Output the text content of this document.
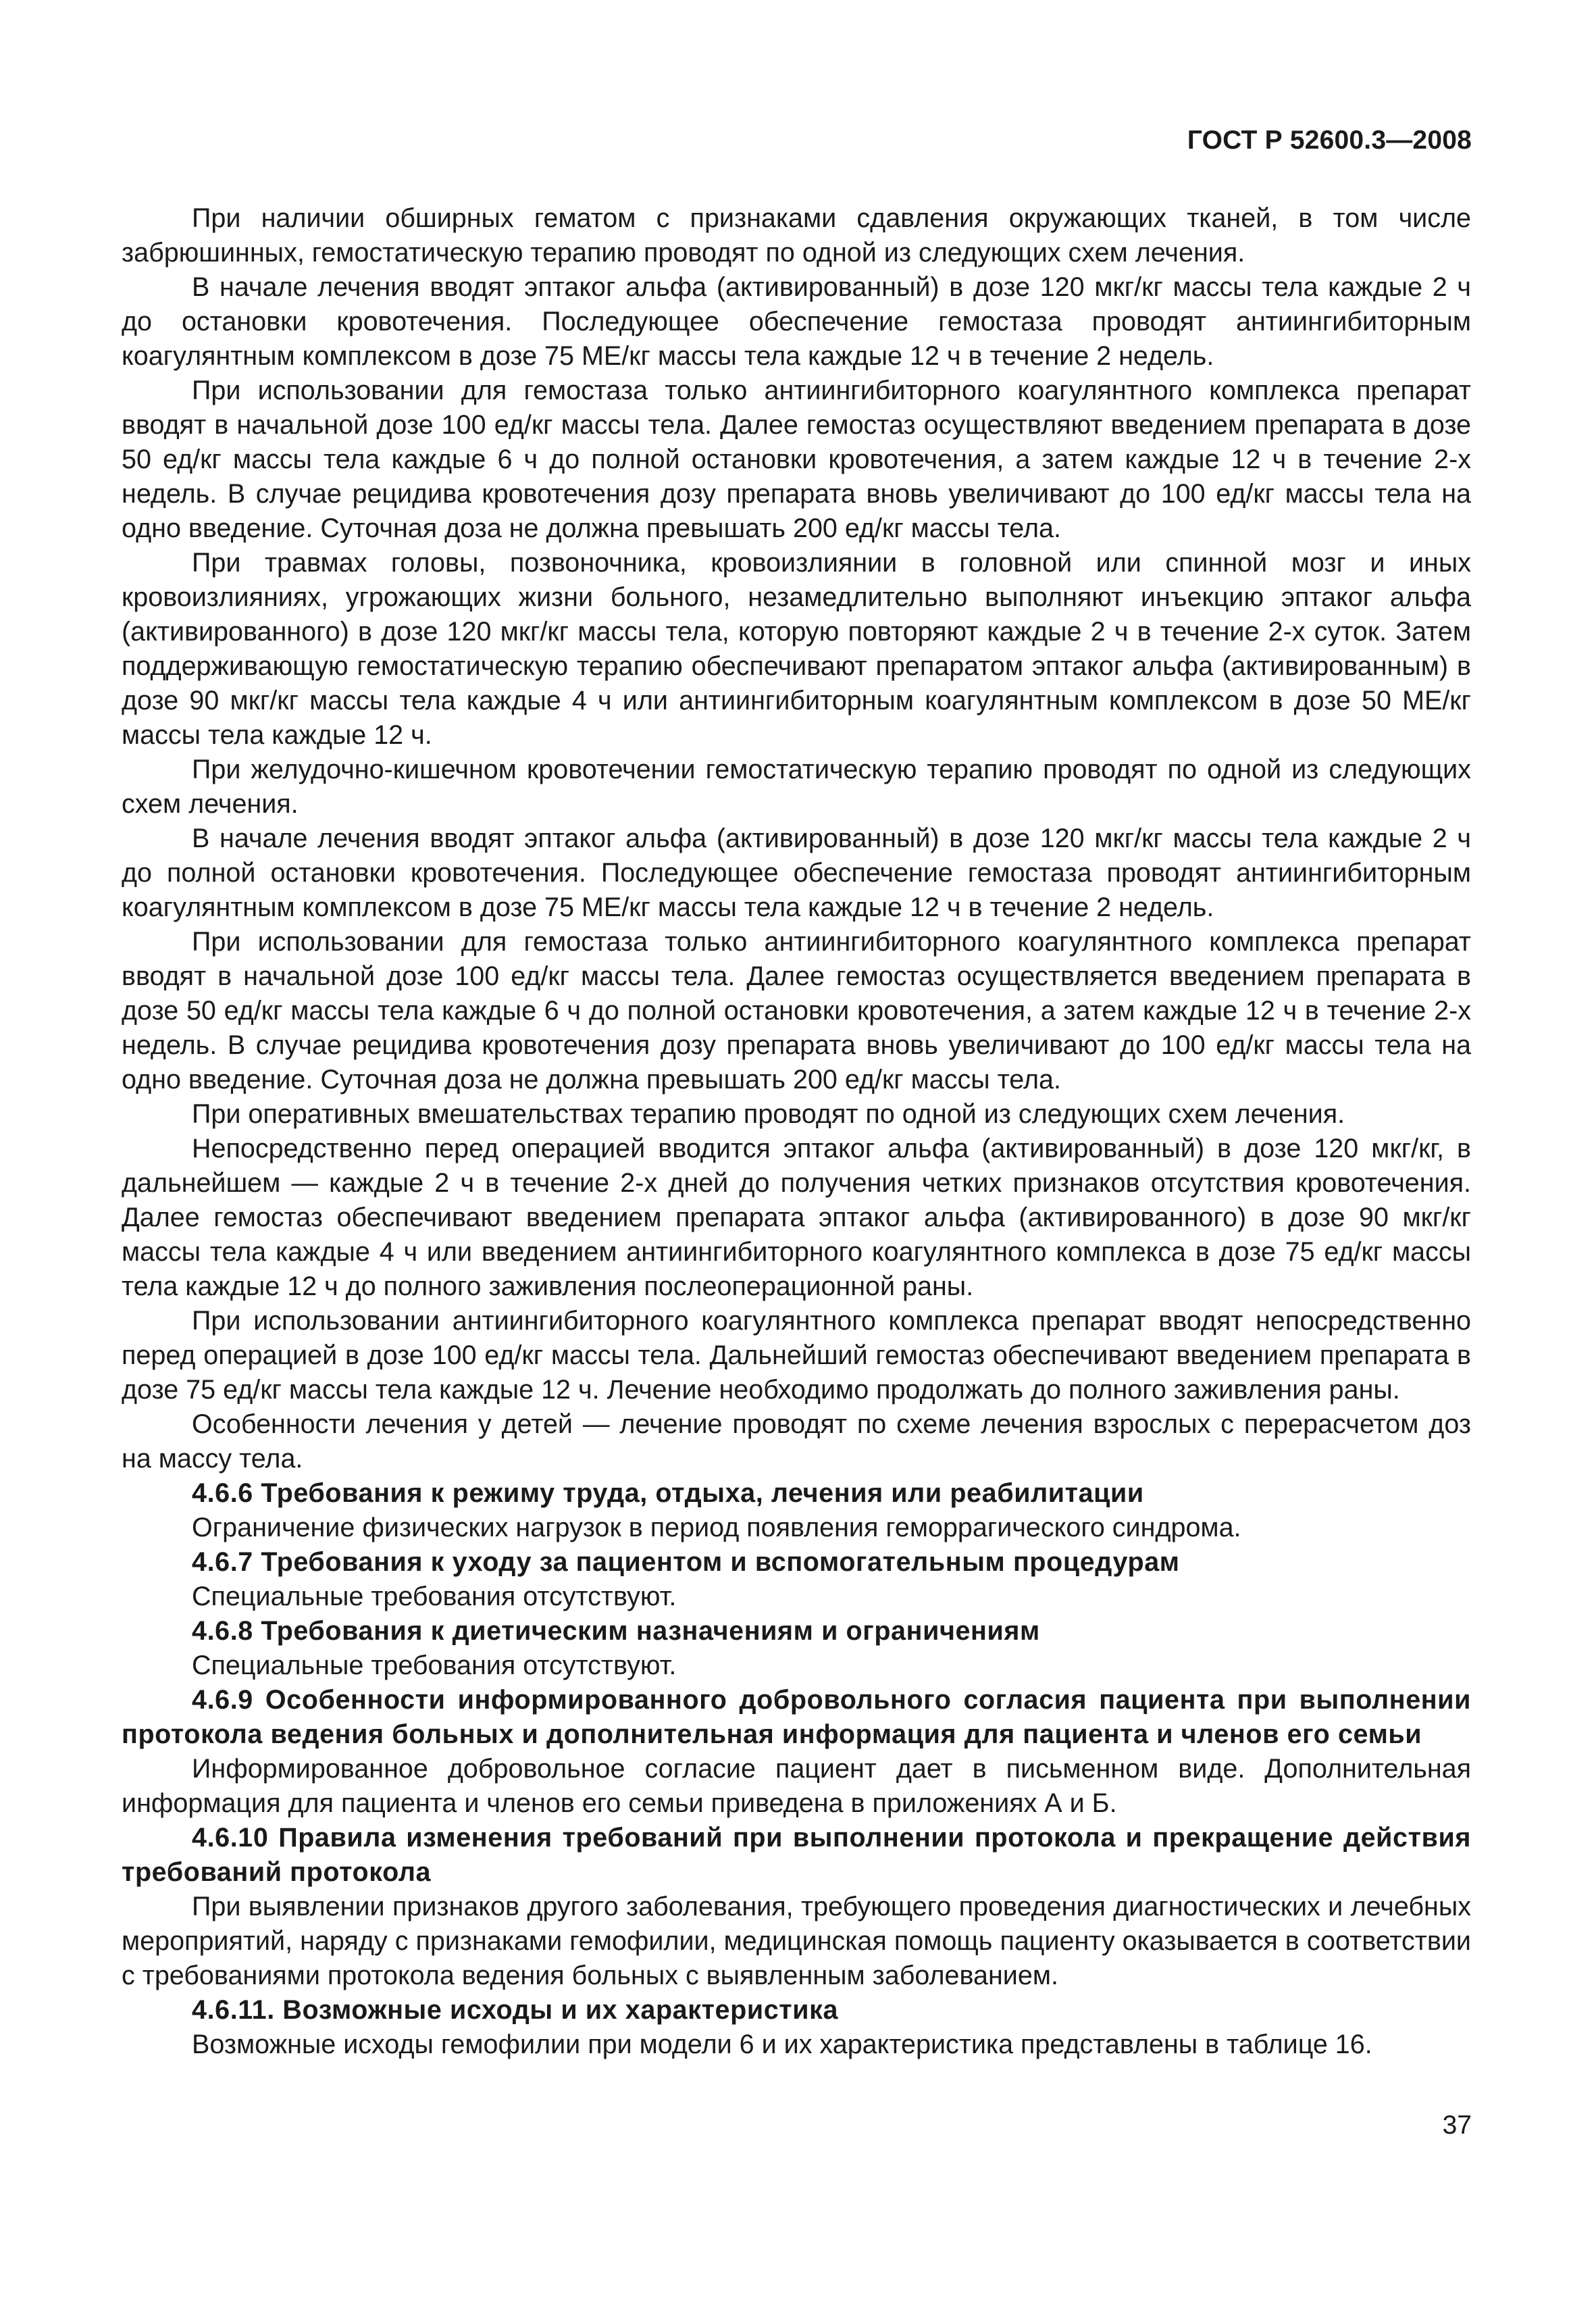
ГОСТ Р 52600.3—2008

При наличии обширных гематом с признаками сдавления окружающих тканей, в том числе забрюшинных, гемостатическую терапию проводят по одной из следующих схем лечения.

В начале лечения вводят эптаког альфа (активированный) в дозе 120 мкг/кг массы тела каждые 2 ч до остановки кровотечения. Последующее обеспечение гемостаза проводят антиингибиторным коагулянтным комплексом в дозе 75 МЕ/кг массы тела каждые 12 ч в течение 2 недель.

При использовании для гемостаза только антиингибиторного коагулянтного комплекса препарат вводят в начальной дозе 100 ед/кг массы тела. Далее гемостаз осуществляют введением препарата в дозе 50 ед/кг массы тела каждые 6 ч до полной остановки кровотечения, а затем каждые 12 ч в течение 2-х недель. В случае рецидива кровотечения дозу препарата вновь увеличивают до 100 ед/кг массы тела на одно введение. Суточная доза не должна превышать 200 ед/кг массы тела.

При травмах головы, позвоночника, кровоизлиянии в головной или спинной мозг и иных кровоизлияниях, угрожающих жизни больного, незамедлительно выполняют инъекцию эптаког альфа (активированного) в дозе 120 мкг/кг массы тела, которую повторяют каждые 2 ч в течение 2-х суток. Затем поддерживающую гемостатическую терапию обеспечивают препаратом эптаког альфа (активированным) в дозе 90 мкг/кг массы тела каждые 4 ч или антиингибиторным коагулянтным комплексом в дозе 50 МЕ/кг массы тела каждые 12 ч.

При желудочно-кишечном кровотечении гемостатическую терапию проводят по одной из следующих схем лечения.

В начале лечения вводят эптаког альфа (активированный) в дозе 120 мкг/кг массы тела каждые 2 ч до полной остановки кровотечения. Последующее обеспечение гемостаза проводят антиингибиторным коагулянтным комплексом в дозе 75 МЕ/кг массы тела каждые 12 ч в течение 2 недель.

При использовании для гемостаза только антиингибиторного коагулянтного комплекса препарат вводят в начальной дозе 100 ед/кг массы тела. Далее гемостаз осуществляется введением препарата в дозе 50 ед/кг массы тела каждые 6 ч до полной остановки кровотечения, а затем каждые 12 ч в течение 2-х недель. В случае рецидива кровотечения дозу препарата вновь увеличивают до 100 ед/кг массы тела на одно введение. Суточная доза не должна превышать 200 ед/кг массы тела.

При оперативных вмешательствах терапию проводят по одной из следующих схем лечения.

Непосредственно перед операцией вводится эптаког альфа (активированный) в дозе 120 мкг/кг, в дальнейшем — каждые 2 ч в течение 2-х дней до получения четких признаков отсутствия кровотечения. Далее гемостаз обеспечивают введением препарата эптаког альфа (активированного) в дозе 90 мкг/кг массы тела каждые 4 ч или введением антиингибиторного коагулянтного комплекса в дозе 75 ед/кг массы тела каждые 12 ч до полного заживления послеоперационной раны.

При использовании антиингибиторного коагулянтного комплекса препарат вводят непосредственно перед операцией в дозе 100 ед/кг массы тела. Дальнейший гемостаз обеспечивают введением препарата в дозе 75 ед/кг массы тела каждые 12 ч. Лечение необходимо продолжать до полного заживления раны.

Особенности лечения у детей — лечение проводят по схеме лечения взрослых с перерасчетом доз на массу тела.

4.6.6 Требования к режиму труда, отдыха, лечения или реабилитации

Ограничение физических нагрузок в период появления геморрагического синдрома.

4.6.7 Требования к уходу за пациентом и вспомогательным процедурам

Специальные требования отсутствуют.

4.6.8 Требования к диетическим назначениям и ограничениям

Специальные требования отсутствуют.

4.6.9 Особенности информированного добровольного согласия пациента при выполнении протокола ведения больных и дополнительная информация для пациента и членов его семьи

Информированное добровольное согласие пациент дает в письменном виде. Дополнительная информация для пациента и членов его семьи приведена в приложениях А и Б.

4.6.10 Правила изменения требований при выполнении протокола и прекращение действия требований протокола

При выявлении признаков другого заболевания, требующего проведения диагностических и лечебных мероприятий, наряду с признаками гемофилии, медицинская помощь пациенту оказывается в соответствии с требованиями протокола ведения больных с выявленным заболеванием.

4.6.11. Возможные исходы и их характеристика

Возможные исходы гемофилии при модели 6 и их характеристика представлены в таблице 16.

37
